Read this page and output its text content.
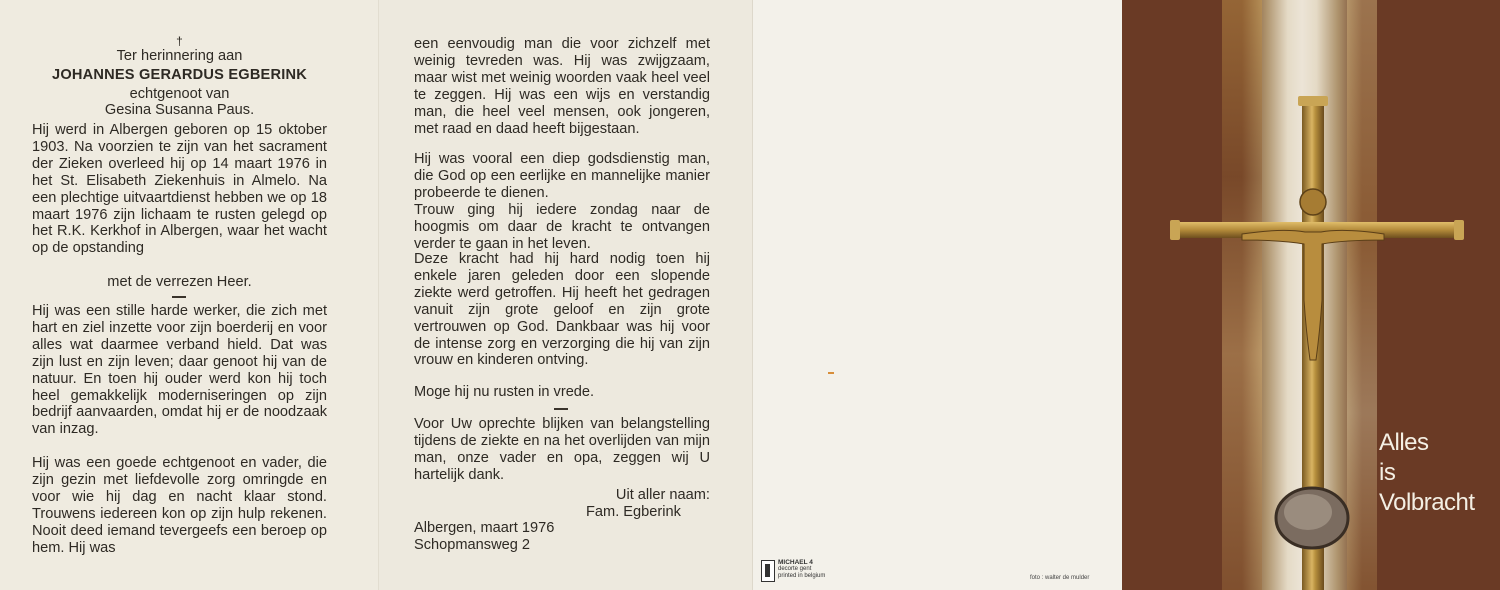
†
Ter herinnering aan
JOHANNES GERARDUS EGBERINK
echtgenoot van
Gesina Susanna Paus.
Hij werd in Albergen geboren op 15 oktober 1903. Na voorzien te zijn van het sacrament der Zieken overleed hij op 14 maart 1976 in het St. Elisabeth Ziekenhuis in Almelo. Na een plechtige uitvaartdienst hebben we op 18 maart 1976 zijn lichaam te rusten gelegd op het R.K. Kerkhof in Albergen, waar het wacht op de opstanding
met de verrezen Heer.
Hij was een stille harde werker, die zich met hart en ziel inzette voor zijn boerderij en voor alles wat daarmee verband hield. Dat was zijn lust en zijn leven; daar genoot hij van de natuur. En toen hij ouder werd kon hij toch heel gemakkelijk moderniseringen op zijn bedrijf aanvaarden, omdat hij er de noodzaak van inzag.
Hij was een goede echtgenoot en vader, die zijn gezin met liefdevolle zorg omringde en voor wie hij dag en nacht klaar stond. Trouwens iedereen kon op zijn hulp rekenen. Nooit deed iemand tevergeefs een beroep op hem. Hij was
een eenvoudig man die voor zichzelf met weinig tevreden was. Hij was zwijgzaam, maar wist met weinig woorden vaak heel veel te zeggen. Hij was een wijs en verstandig man, die heel veel mensen, ook jongeren, met raad en daad heeft bijgestaan.
Hij was vooral een diep godsdienstig man, die God op een eerlijke en mannelijke manier probeerde te dienen.
Trouw ging hij iedere zondag naar de hoogmis om daar de kracht te ontvangen verder te gaan in het leven.
Deze kracht had hij hard nodig toen hij enkele jaren geleden door een slopende ziekte werd getroffen. Hij heeft het gedragen vanuit zijn grote geloof en zijn grote vertrouwen op God. Dankbaar was hij voor de intense zorg en verzorging die hij van zijn vrouw en kinderen ontving.
Moge hij nu rusten in vrede.
Voor Uw oprechte blijken van belangstelling tijdens de ziekte en na het overlijden van mijn man, onze vader en opa, zeggen wij U hartelijk dank.
Uit aller naam:
Fam. Egberink
Albergen, maart 1976
Schopmansweg 2
MICHAEL 4
decorte gent
printed in belgium	foto : walter de mulder
Alles
is
Volbracht
